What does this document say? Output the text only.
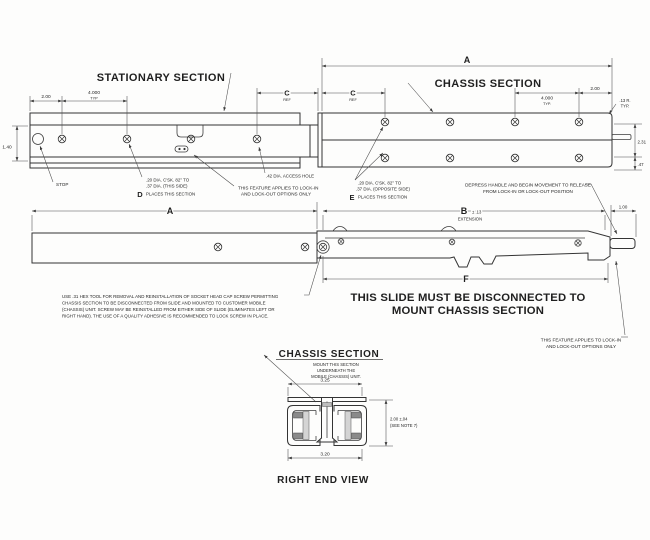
STATIONARY SECTION	CHASSIS SECTION
A
2.00
4.000
TYP
C
REF
C
REF	4.000
TYP.
2.00
.13 R.
TYP.
2.31
.47
1.40
STOP
.20 DIA. C'SK. 82° TO
.37 DIA. (THIS SIDE)
D PLACES THIS SECTION
.42 DIA. ACCESS HOLE
THIS FEATURE APPLIES TO LOCK-IN
AND LOCK-OUT OPTIONS ONLY
.20 DIA. C'SK. 82° TO
.37 DIA. (OPPOSITE SIDE)
E PLACES THIS SECTION
DEPRESS HANDLE AND BEGIN MOVEMENT TO RELEASE
FROM LOCK-IN OR LOCK-OUT POSITION
A	B ± .13
EXTENSION
1.00
F
USE .31 HEX TOOL FOR REMOVAL AND REINSTALLATION OF SOCKET HEAD CAP SCREW PERMITTING
CHASSIS SECTION TO BE DISCONNECTED FROM SLIDE AND MOUNTED TO CUSTOMER MOBILE
(CHASSIS) UNIT. SCREW MAY BE REINSTALLED FROM EITHER SIDE OF SLIDE (ELIMINATES LEFT OR
RIGHT HAND). THE USE OF A QUALITY ADHESIVE IS RECOMMENDED TO LOCK SCREW IN PLACE.
THIS SLIDE MUST BE DISCONNECTED TO
MOUNT CHASSIS SECTION
THIS FEATURE APPLIES TO LOCK-IN
AND LOCK-OUT OPTIONS ONLY
CHASSIS SECTION
MOUNT THIS SECTION
UNDERNEATH THE
MOBILE (CHASSIS) UNIT.
3.25
2.00 ±.04
(SEE NOTE 7)
3.20
RIGHT END VIEW
